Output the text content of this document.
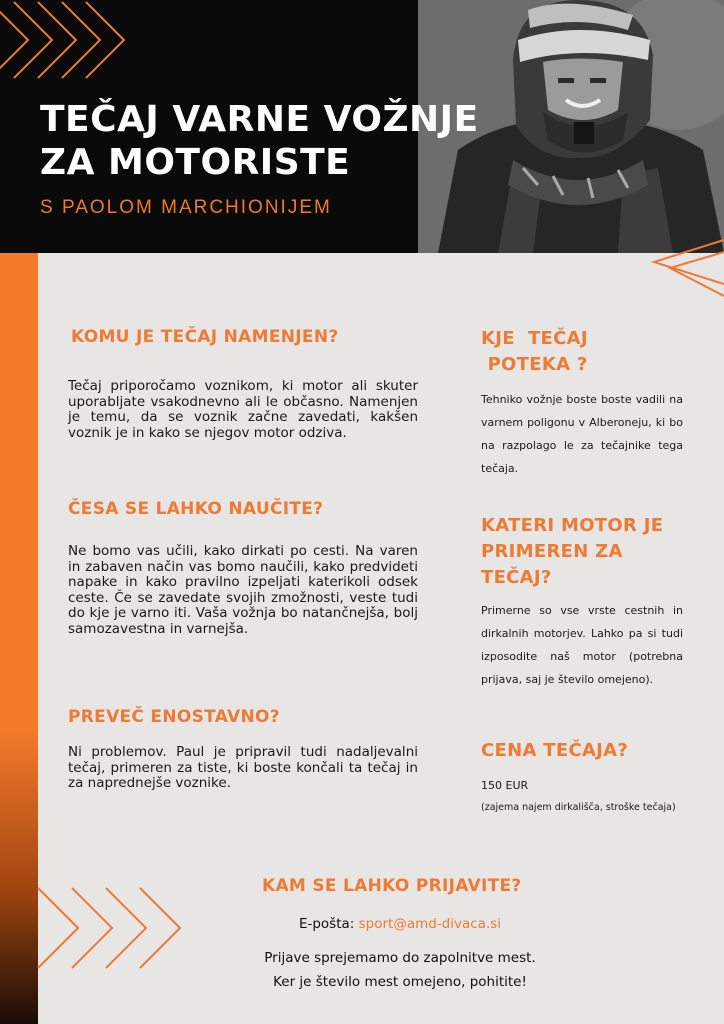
TEČAJ VARNE VOŽNJE
ZA MOTORISTE
S PAOLOM MARCHIONIJEM
KOMU JE TEČAJ NAMENJEN?

Tečaj priporočamo voznikom, ki motor ali skuter uporabljate vsakodnevno ali le občasno. Namenjen je temu, da se voznik začne zavedati, kakšen voznik je in kako se njegov motor odziva.

ČESA SE LAHKO NAUČITE?

Ne bomo vas učili, kako dirkati po cesti. Na varen in zabaven način vas bomo naučili, kako predvideti napake in kako pravilno izpeljati katerikoli odsek ceste. Če se zavedate svojih zmožnosti, veste tudi do kje je varno iti. Vaša vožnja bo natančnejša, bolj samozavestna in varnejša.

PREVEČ ENOSTAVNO?

Ni problemov. Paul je pripravil tudi nadaljevalni tečaj, primeren za tiste, ki boste končali ta tečaj in za naprednejše voznike.

KJE  TEČAJ
POTEKA ?

Tehniko vožnje boste boste vadili na varnem poligonu v Alberoneju, ki bo na razpolago le za tečajnike tega tečaja.

KATERI MOTOR JE
PRIMEREN ZA
TEČAJ?

Primerne so vse vrste cestnih in dirkalnih motorjev. Lahko pa si tudi izposodite naš motor (potrebna prijava, saj je število omejeno).

CENA TEČAJA?
150 EUR

(zajema najem dirkališča, stroške tečaja)

KAM SE LAHKO PRIJAVITE?
E-pošta: sport@amd-divaca.si
Prijave sprejemamo do zapolnitve mest.
Ker je število mest omejeno, pohitite!
